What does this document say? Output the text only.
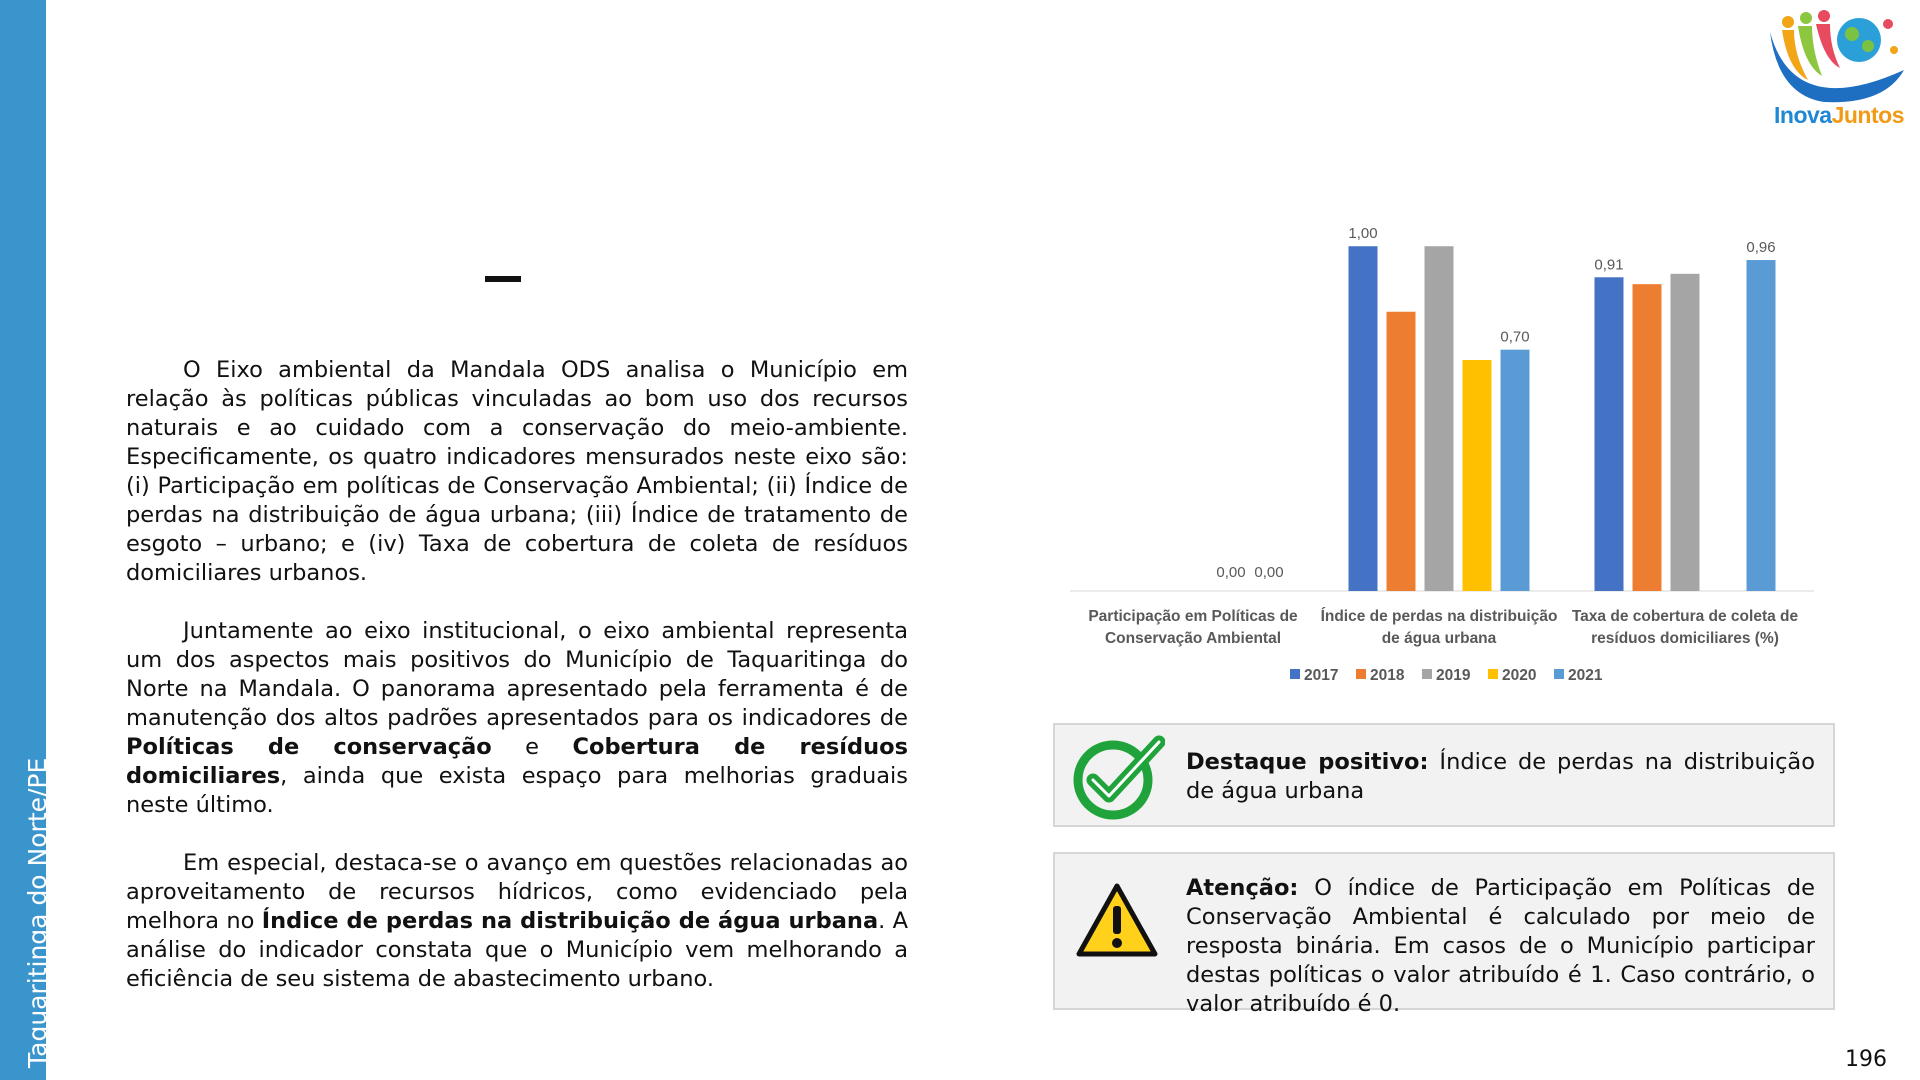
Taquaritinga do Norte/PE
InovaJuntos

O Eixo ambiental da Mandala ODS analisa o Município em relação às políticas públicas vinculadas ao bom uso dos recursos naturais e ao cuidado com a conservação do meio-ambiente. Especificamente, os quatro indicadores mensurados neste eixo são: (i) Participação em políticas de Conservação Ambiental; (ii) Índice de perdas na distribuição de água urbana; (iii) Índice de tratamento de esgoto – urbano; e (iv) Taxa de cobertura de coleta de resíduos domiciliares urbanos.

Juntamente ao eixo institucional, o eixo ambiental representa um dos aspectos mais positivos do Município de Taquaritinga do Norte na Mandala. O panorama apresentado pela ferramenta é de manutenção dos altos padrões apresentados para os indicadores de Políticas de conservação e Cobertura de resíduos domiciliares, ainda que exista espaço para melhorias graduais neste último.

Em especial, destaca-se o avanço em questões relacionadas ao aproveitamento de recursos hídricos, como evidenciado pela melhora no Índice de perdas na distribuição de água urbana. A análise do indicador constata que o Município vem melhorando a eficiência de seu sistema de abastecimento urbano.

0,00 0,00
Participação em Políticas de
Conservação Ambiental
1,00
0,70
Índice de perdas na distribuição
de água urbana
0,91
0,96
Taxa de cobertura de coleta de
resíduos domiciliares (%)
2017 2018 2019 2020 2021
Destaque positivo: Índice de perdas na distribuição de água urbana
Atenção: O índice de Participação em Políticas de Conservação Ambiental é calculado por meio de resposta binária. Em casos de o Município participar destas políticas o valor atribuído é 1. Caso contrário, o valor atribuído é 0.
196
